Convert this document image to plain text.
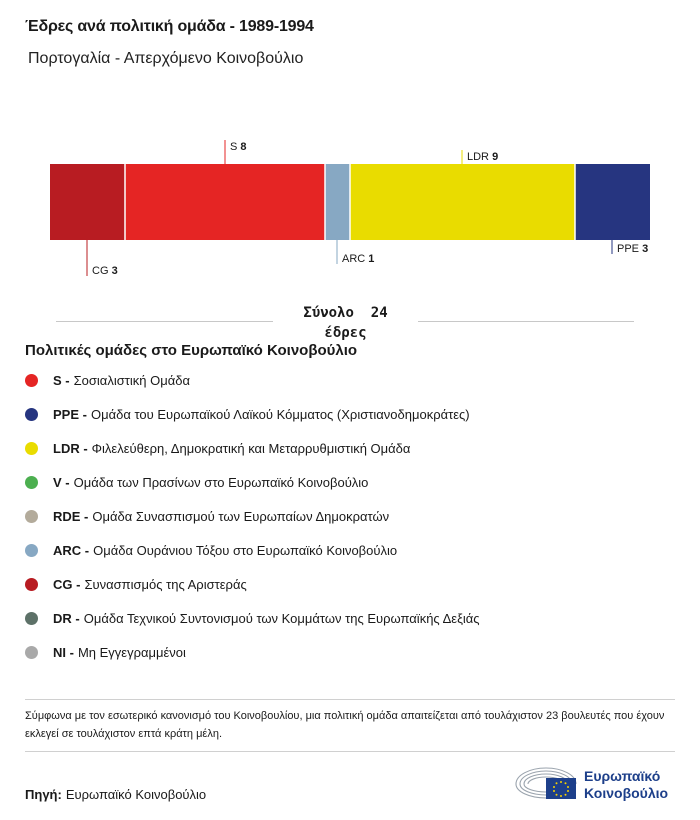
Έδρες ανά πολιτική ομάδα - 1989-1994
Πορτογαλία - Απερχόμενο Κοινοβούλιο
CG 3
S 8
ARC 1
LDR 9
PPE 3
Σύνολο  24
έδρες
Πολιτικές ομάδες στο Ευρωπαϊκό Κοινοβούλιο
S - Σοσιαλιστική Ομάδα
PPE - Ομάδα του Ευρωπαϊκού Λαϊκού Κόμματος (Χριστιανοδημοκράτες)
LDR - Φιλελεύθερη, Δημοκρατική και Μεταρρυθμιστική Ομάδα
V - Ομάδα των Πρασίνων στο Ευρωπαϊκό Κοινοβούλιο
RDE - Ομάδα Συνασπισμού των Ευρωπαίων Δημοκρατών
ARC - Ομάδα Ουράνιου Τόξου στο Ευρωπαϊκό Κοινοβούλιο
CG - Συνασπισμός της Αριστεράς
DR - Ομάδα Τεχνικού Συντονισμού των Κομμάτων της Ευρωπαϊκής Δεξιάς
NI - Μη Εγγεγραμμένοι
Σύμφωνα με τον εσωτερικό κανονισμό του Κοινοβουλίου, μια πολιτική ομάδα απαιτείζεται από τουλάχιστον 23 βουλευτές που έχουν εκλεγεί σε τουλάχιστον επτά κράτη μέλη.
Πηγή: Ευρωπαϊκό Κοινοβούλιο
Ευρωπαϊκό
Κοινοβούλιο
